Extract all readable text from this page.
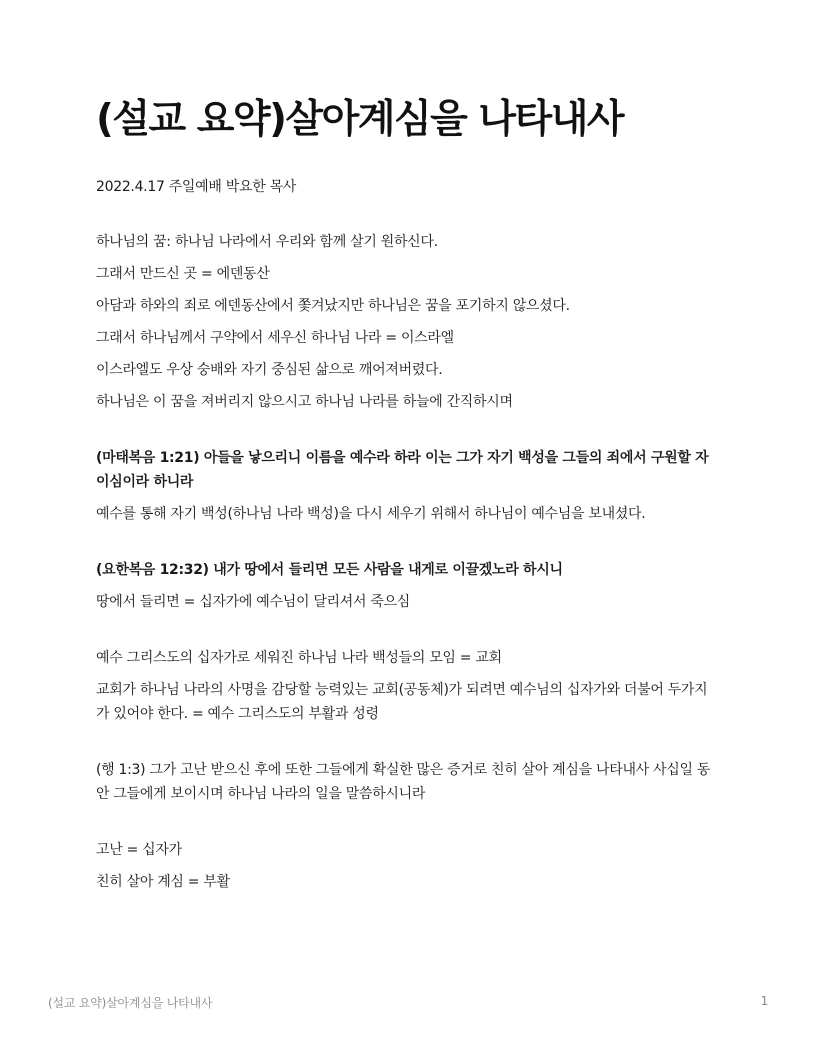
(설교 요약)살아계심을 나타내사
2022.4.17 주일예배 박요한 목사

하나님의 꿈: 하나님 나라에서 우리와 함께 살기 원하신다.

그래서 만드신 곳 = 에덴동산

아담과 하와의 죄로 에덴동산에서 쫓겨났지만 하나님은 꿈을 포기하지 않으셨다.

그래서 하나님께서 구약에서 세우신 하나님 나라 = 이스라엘

이스라엘도 우상 숭배와 자기 중심된 삶으로 깨어져버렸다.

하나님은 이 꿈을 져버리지 않으시고 하나님 나라를 하늘에 간직하시며

(마태복음 1:21) 아들을 낳으리니 이름을 예수라 하라 이는 그가 자기 백성을 그들의 죄에서 구원할 자이심이라 하니라

예수를 통해 자기 백성(하나님 나라 백성)을 다시 세우기 위해서 하나님이 예수님을 보내셨다.

(요한복음 12:32) 내가 땅에서 들리면 모든 사람을 내게로 이끌겠노라 하시니

땅에서 들리면 = 십자가에 예수님이 달리셔서 죽으심

예수 그리스도의 십자가로 세워진 하나님 나라 백성들의 모임 = 교회

교회가 하나님 나라의 사명을 감당할 능력있는 교회(공동체)가 되려면 예수님의 십자가와 더불어 두가지가 있어야 한다. = 예수 그리스도의 부활과 성령

(행 1:3) 그가 고난 받으신 후에 또한 그들에게 확실한 많은 증거로 친히 살아 계심을 나타내사 사십일 동안 그들에게 보이시며 하나님 나라의 일을 말씀하시니라

고난 = 십자가

친히 살아 계심 = 부활

(설교 요약)살아계심을 나타내사	1
